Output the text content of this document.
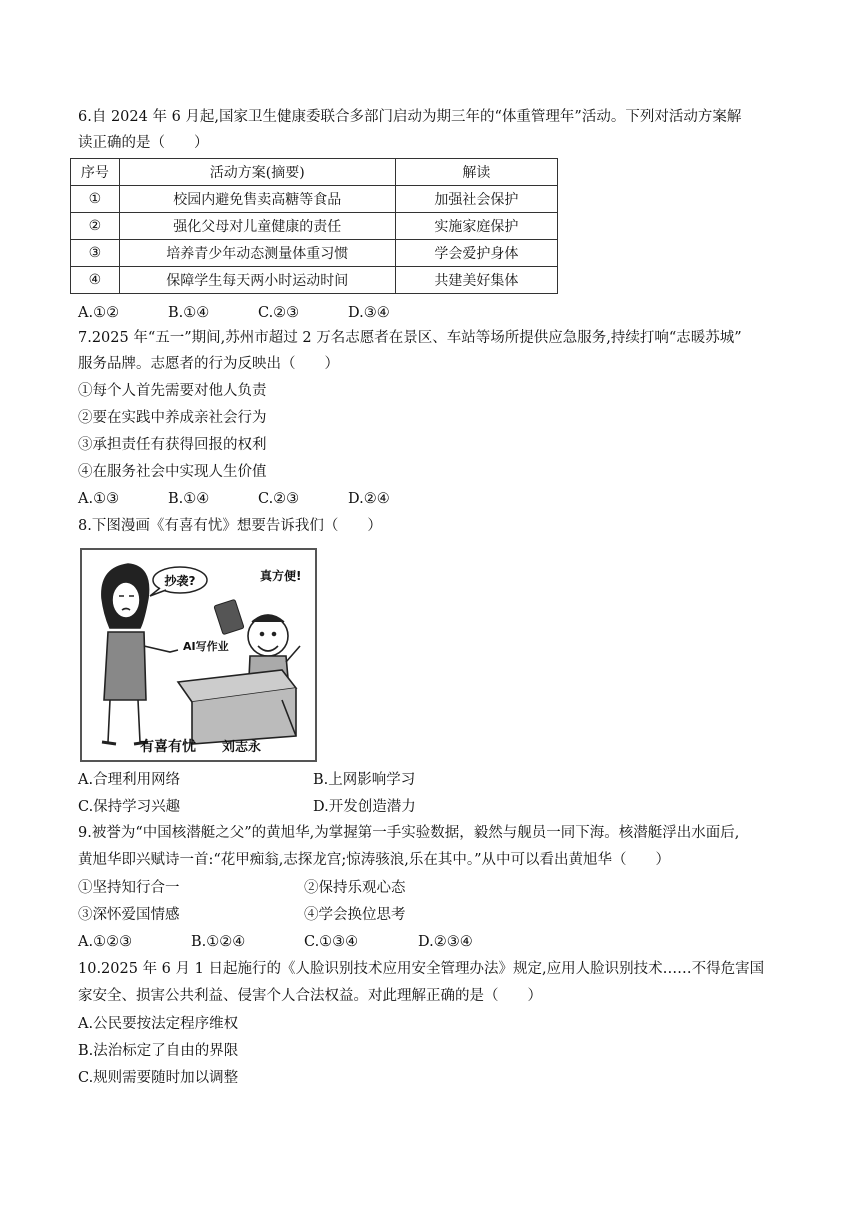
6.自 2024 年 6 月起,国家卫生健康委联合多部门启动为期三年的“体重管理年”活动。下列对活动方案解
读正确的是（　　）
序号	活动方案(摘要)	解读
①	校园内避免售卖高糖等食品	加强社会保护
②	强化父母对儿童健康的责任	实施家庭保护
③	培养青少年动态测量体重习惯	学会爱护身体
④	保障学生每天两小时运动时间	共建美好集体
A.①②	B.①④	C.②③	D.③④
7.2025 年“五一”期间,苏州市超过 2 万名志愿者在景区、车站等场所提供应急服务,持续打响“志暖苏城”
服务品牌。志愿者的行为反映出（　　）
①每个人首先需要对他人负责
②要在实践中养成亲社会行为
③承担责任有获得回报的权利
④在服务社会中实现人生价值
A.①③	B.①④	C.②③	D.②④
8.下图漫画《有喜有忧》想要告诉我们（　　）
抄袭?	真方便!
AI写作业
有喜有忧 刘志永
A.合理利用网络	B.上网影响学习
C.保持学习兴趣	D.开发创造潜力
9.被誉为“中国核潜艇之父”的黄旭华,为掌握第一手实验数据，毅然与舰员一同下海。核潜艇浮出水面后,
黄旭华即兴赋诗一首:“花甲痴翁,志探龙宫;惊涛骇浪,乐在其中。”从中可以看出黄旭华（　　）
①坚持知行合一	②保持乐观心态
③深怀爱国情感	④学会换位思考
A.①②③	B.①②④	C.①③④	D.②③④
10.2025 年 6 月 1 日起施行的《人脸识别技术应用安全管理办法》规定,应用人脸识别技术……不得危害国
家安全、损害公共利益、侵害个人合法权益。对此理解正确的是（　　）
A.公民要按法定程序维权
B.法治标定了自由的界限
C.规则需要随时加以调整
